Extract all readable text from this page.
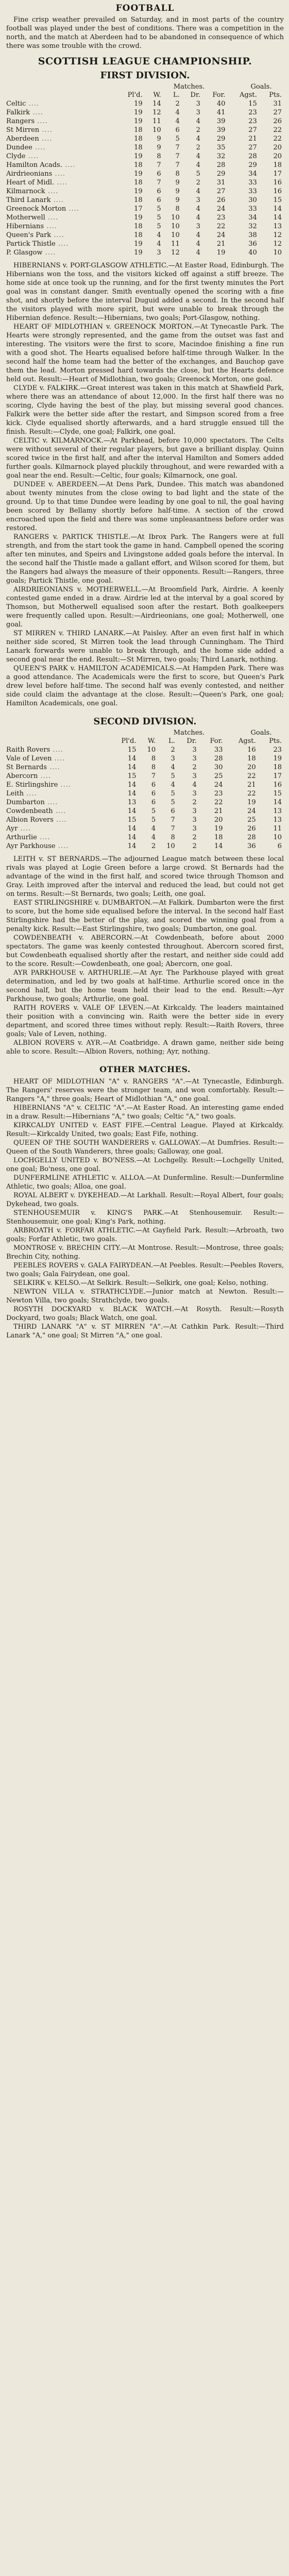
FOOTBALL

Fine crisp weather prevailed on Saturday, and in most parts of the country football was played under the best of conditions. There was a competition in the north, and the match at Aberdeen had to be abandoned in consequence of which there was some trouble with the crowd.

SCOTTISH LEAGUE CHAMPIONSHIP.
FIRST DIVISION.
Matches.	Goals.
	Pl'd.	W.	L.	Dr.	For.	Agst.	Pts.
Celtic ....	19	14	2	3	40	15	31
Falkirk ....	19	12	4	3	41	23	27
Rangers ....	19	11	4	4	39	23	26
St Mirren ....	18	10	6	2	39	27	22
Aberdeen ....	18	9	5	4	29	21	22
Dundee ....	18	9	7	2	35	27	20
Clyde ....	19	8	7	4	32	28	20
Hamilton Acads. ....	18	7	7	4	28	29	18
Airdrieonians ....	19	6	8	5	29	34	17
Heart of Midl. ....	18	7	9	2	31	33	16
Kilmarnock ....	19	6	9	4	27	33	16
Third Lanark ....	18	6	9	3	26	30	15
Greenock Morton ....	17	5	8	4	24	33	14
Motherwell ....	19	5	10	4	23	34	14
Hibernians ....	18	5	10	3	22	32	13
Queen's Park ....	18	4	10	4	24	38	12
Partick Thistle ....	19	4	11	4	21	36	12
P. Glasgow ....	19	3	12	4	19	40	10

HIBERNIANS v. PORT-GLASGOW ATHLETIC.—At Easter Road, Edinburgh. The Hibernians won the toss, and the visitors kicked off against a stiff breeze. The home side at once took up the running, and for the first twenty minutes the Port goal was in constant danger. Smith eventually opened the scoring with a fine shot, and shortly before the interval Duguid added a second. In the second half the visitors played with more spirit, but were unable to break through the Hibernian defence. Result:—Hibernians, two goals; Port-Glasgow, nothing.

HEART OF MIDLOTHIAN v. GREENOCK MORTON.—At Tynecastle Park. The Hearts were strongly represented, and the game from the outset was fast and interesting. The visitors were the first to score, Macindoe finishing a fine run with a good shot. The Hearts equalised before half-time through Walker. In the second half the home team had the better of the exchanges, and Bauchop gave them the lead. Morton pressed hard towards the close, but the Hearts defence held out. Result:—Heart of Midlothian, two goals; Greenock Morton, one goal.

CLYDE v. FALKIRK.—Great interest was taken in this match at Shawfield Park, where there was an attendance of about 12,000. In the first half there was no scoring, Clyde having the best of the play, but missing several good chances. Falkirk were the better side after the restart, and Simpson scored from a free kick. Clyde equalised shortly afterwards, and a hard struggle ensued till the finish. Result:—Clyde, one goal; Falkirk, one goal.

CELTIC v. KILMARNOCK.—At Parkhead, before 10,000 spectators. The Celts were without several of their regular players, but gave a brilliant display. Quinn scored twice in the first half, and after the interval Hamilton and Somers added further goals. Kilmarnock played pluckily throughout, and were rewarded with a goal near the end. Result:—Celtic, four goals; Kilmarnock, one goal.

DUNDEE v. ABERDEEN.—At Dens Park, Dundee. This match was abandoned about twenty minutes from the close owing to bad light and the state of the ground. Up to that time Dundee were leading by one goal to nil, the goal having been scored by Bellamy shortly before half-time. A section of the crowd encroached upon the field and there was some unpleasantness before order was restored.

RANGERS v. PARTICK THISTLE.—At Ibrox Park. The Rangers were at full strength, and from the start took the game in hand. Campbell opened the scoring after ten minutes, and Speirs and Livingstone added goals before the interval. In the second half the Thistle made a gallant effort, and Wilson scored for them, but the Rangers had always the measure of their opponents. Result:—Rangers, three goals; Partick Thistle, one goal.

AIRDRIEONIANS v. MOTHERWELL.—At Broomfield Park, Airdrie. A keenly contested game ended in a draw. Airdrie led at the interval by a goal scored by Thomson, but Motherwell equalised soon after the restart. Both goalkeepers were frequently called upon. Result:—Airdrieonians, one goal; Motherwell, one goal.

ST MIRREN v. THIRD LANARK.—At Paisley. After an even first half in which neither side scored, St Mirren took the lead through Cunningham. The Third Lanark forwards were unable to break through, and the home side added a second goal near the end. Result:—St Mirren, two goals; Third Lanark, nothing.

QUEEN'S PARK v. HAMILTON ACADEMICALS.—At Hampden Park. There was a good attendance. The Academicals were the first to score, but Queen's Park drew level before half-time. The second half was evenly contested, and neither side could claim the advantage at the close. Result:—Queen's Park, one goal; Hamilton Academicals, one goal.

SECOND DIVISION.
Matches.	Goals.
	Pl'd.	W.	L.	Dr.	For.	Agst.	Pts.
Raith Rovers ....	15	10	2	3	33	16	23
Vale of Leven ....	14	8	3	3	28	18	19
St Bernards ....	14	8	4	2	30	20	18
Abercorn ....	15	7	5	3	25	22	17
E. Stirlingshire ....	14	6	4	4	24	21	16
Leith ....	14	6	5	3	23	22	15
Dumbarton ....	13	6	5	2	22	19	14
Cowdenbeath ....	14	5	6	3	21	24	13
Albion Rovers ....	15	5	7	3	20	25	13
Ayr ....	14	4	7	3	19	26	11
Arthurlie ....	14	4	8	2	18	28	10
Ayr Parkhouse ....	14	2	10	2	14	36	6

LEITH v. ST BERNARDS.—The adjourned League match between these local rivals was played at Logie Green before a large crowd. St Bernards had the advantage of the wind in the first half, and scored twice through Thomson and Gray. Leith improved after the interval and reduced the lead, but could not get on terms. Result:—St Bernards, two goals; Leith, one goal.

EAST STIRLINGSHIRE v. DUMBARTON.—At Falkirk. Dumbarton were the first to score, but the home side equalised before the interval. In the second half East Stirlingshire had the better of the play, and scored the winning goal from a penalty kick. Result:—East Stirlingshire, two goals; Dumbarton, one goal.

COWDENBEATH v. ABERCORN.—At Cowdenbeath, before about 2000 spectators. The game was keenly contested throughout. Abercorn scored first, but Cowdenbeath equalised shortly after the restart, and neither side could add to the score. Result:—Cowdenbeath, one goal; Abercorn, one goal.

AYR PARKHOUSE v. ARTHURLIE.—At Ayr. The Parkhouse played with great determination, and led by two goals at half-time. Arthurlie scored once in the second half, but the home team held their lead to the end. Result:—Ayr Parkhouse, two goals; Arthurlie, one goal.

RAITH ROVERS v. VALE OF LEVEN.—At Kirkcaldy. The leaders maintained their position with a convincing win. Raith were the better side in every department, and scored three times without reply. Result:—Raith Rovers, three goals; Vale of Leven, nothing.

ALBION ROVERS v. AYR.—At Coatbridge. A drawn game, neither side being able to score. Result:—Albion Rovers, nothing; Ayr, nothing.

OTHER MATCHES.

HEART OF MIDLOTHIAN "A" v. RANGERS "A".—At Tynecastle, Edinburgh. The Rangers' reserves were the stronger team, and won comfortably. Result:—Rangers "A," three goals; Heart of Midlothian "A," one goal.

HIBERNIANS "A" v. CELTIC "A".—At Easter Road. An interesting game ended in a draw. Result:—Hibernians "A," two goals; Celtic "A," two goals.

KIRKCALDY UNITED v. EAST FIFE.—Central League. Played at Kirkcaldy. Result:—Kirkcaldy United, two goals; East Fife, nothing.

QUEEN OF THE SOUTH WANDERERS v. GALLOWAY.—At Dumfries. Result:—Queen of the South Wanderers, three goals; Galloway, one goal.

LOCHGELLY UNITED v. BO'NESS.—At Lochgelly. Result:—Lochgelly United, one goal; Bo'ness, one goal.

DUNFERMLINE ATHLETIC v. ALLOA.—At Dunfermline. Result:—Dunfermline Athletic, two goals; Alloa, one goal.

ROYAL ALBERT v. DYKEHEAD.—At Larkhall. Result:—Royal Albert, four goals; Dykehead, two goals.

STENHOUSEMUIR v. KING'S PARK.—At Stenhousemuir. Result:—Stenhousemuir, one goal; King's Park, nothing.

ARBROATH v. FORFAR ATHLETIC.—At Gayfield Park. Result:—Arbroath, two goals; Forfar Athletic, two goals.

MONTROSE v. BRECHIN CITY.—At Montrose. Result:—Montrose, three goals; Brechin City, nothing.

PEEBLES ROVERS v. GALA FAIRYDEAN.—At Peebles. Result:—Peebles Rovers, two goals; Gala Fairydean, one goal.

SELKIRK v. KELSO.—At Selkirk. Result:—Selkirk, one goal; Kelso, nothing.

NEWTON VILLA v. STRATHCLYDE.—Junior match at Newton. Result:—Newton Villa, two goals; Strathclyde, two goals.

ROSYTH DOCKYARD v. BLACK WATCH.—At Rosyth. Result:—Rosyth Dockyard, two goals; Black Watch, one goal.

THIRD LANARK "A" v. ST MIRREN "A".—At Cathkin Park. Result:—Third Lanark "A," one goal; St Mirren "A," one goal.
